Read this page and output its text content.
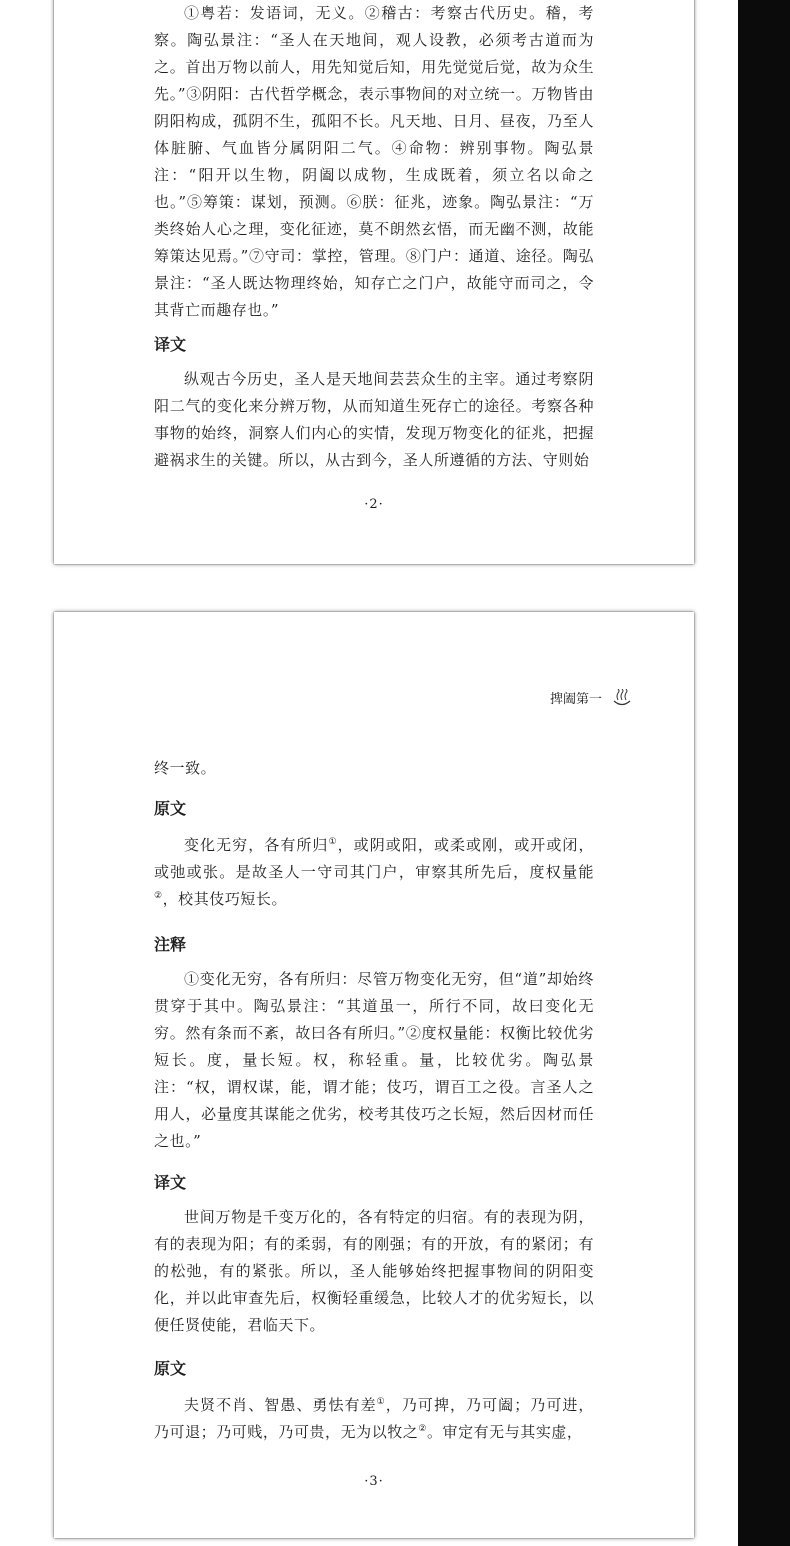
①粤若：发语词，无义。②稽古：考察古代历史。稽，考察。陶弘景注：“圣人在天地间，观人设教，必须考古道而为之。首出万物以前人，用先知觉后知，用先觉觉后觉，故为众生先。”③阴阳：古代哲学概念，表示事物间的对立统一。万物皆由阴阳构成，孤阴不生，孤阳不长。凡天地、日月、昼夜，乃至人体脏腑、气血皆分属阴阳二气。④命物：辨别事物。陶弘景注：“阳开以生物，阴阖以成物，生成既着，须立名以命之也。”⑤筹策：谋划，预测。⑥朕：征兆，迹象。陶弘景注：“万类终始人心之理，变化征迹，莫不朗然玄悟，而无幽不测，故能筹策达见焉。”⑦守司：掌控，管理。⑧门户：通道、途径。陶弘景注：“圣人既达物理终始，知存亡之门户，故能守而司之，令其背亡而趣存也。”

译文

纵观古今历史，圣人是天地间芸芸众生的主宰。通过考察阴阳二气的变化来分辨万物，从而知道生死存亡的途径。考察各种事物的始终，洞察人们内心的实情，发现万物变化的征兆，把握避祸求生的关键。所以，从古到今，圣人所遵循的方法、守则始

·2·
捭阖第一

终一致。

原文

变化无穷，各有所归①，或阴或阳，或柔或刚，或开或闭，或弛或张。是故圣人一守司其门户，审察其所先后，度权量能②，校其伎巧短长。

注释

①变化无穷，各有所归：尽管万物变化无穷，但“道”却始终贯穿于其中。陶弘景注：“其道虽一，所行不同，故曰变化无穷。然有条而不紊，故曰各有所归。”②度权量能：权衡比较优劣短长。度，量长短。权，称轻重。量，比较优劣。陶弘景注：“权，谓权谋，能，谓才能；伎巧，谓百工之役。言圣人之用人，必量度其谋能之优劣，校考其伎巧之长短，然后因材而任之也。”

译文

世间万物是千变万化的，各有特定的归宿。有的表现为阴，有的表现为阳；有的柔弱，有的刚强；有的开放，有的紧闭；有的松弛，有的紧张。所以，圣人能够始终把握事物间的阴阳变化，并以此审查先后，权衡轻重缓急，比较人才的优劣短长，以便任贤使能，君临天下。

原文

夫贤不肖、智愚、勇怯有差①，乃可捭，乃可阖；乃可进，乃可退；乃可贱，乃可贵，无为以牧之②。审定有无与其实虚，

·3·
